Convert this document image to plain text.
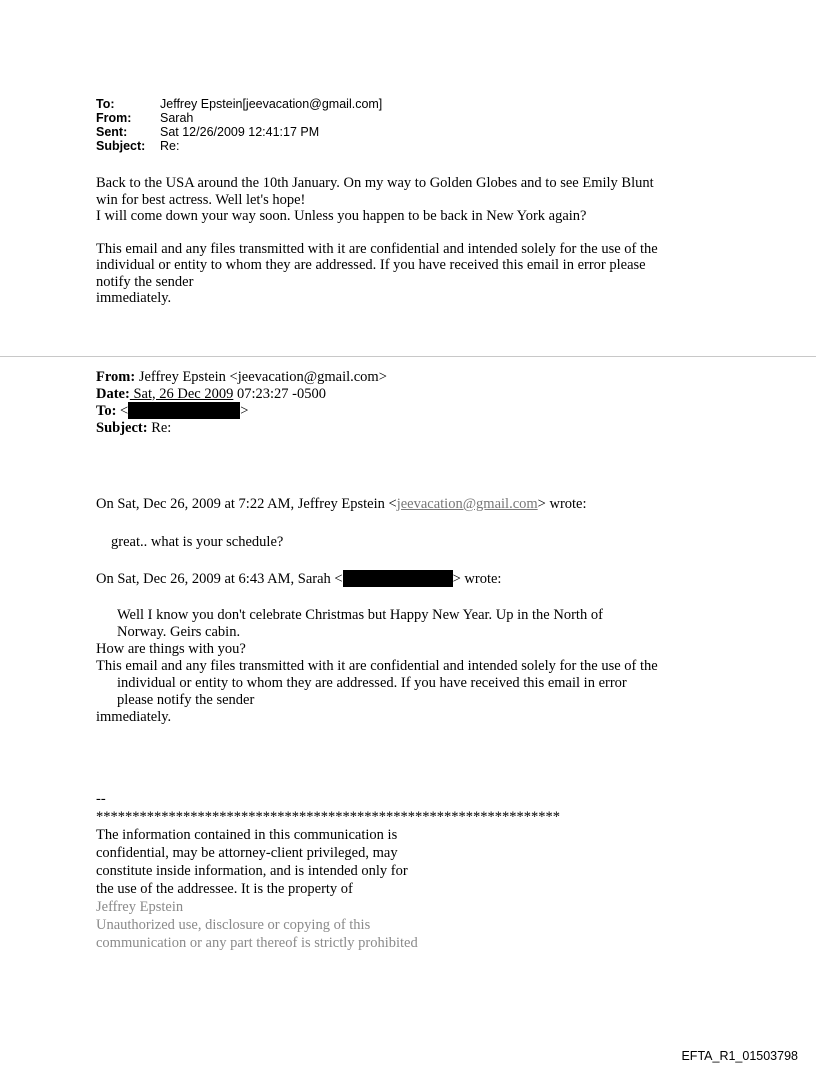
To:	Jeffrey Epstein[jeevacation@gmail.com]
From:	Sarah
Sent:	Sat 12/26/2009 12:41:17 PM
Subject:	Re:
Back to the USA around the 10th January. On my way to Golden Globes and to see Emily Blunt
win for best actress. Well let's hope!
I will come down your way soon. Unless you happen to be back in New York again?
This email and any files transmitted with it are confidential and intended solely for the use of the
individual or entity to whom they are addressed. If you have received this email in error please
notify the sender
immediately.
From: Jeffrey Epstein <jeevacation@gmail.com>
Date: Sat, 26 Dec 2009 07:23:27 -0500
To: <	>
Subject: Re:
On Sat, Dec 26, 2009 at 7:22 AM, Jeffrey Epstein <jeevacation@gmail.com> wrote:
great.. what is your schedule?
On Sat, Dec 26, 2009 at 6:43 AM, Sarah <	> wrote:
Well I know you don't celebrate Christmas but Happy New Year. Up in the North of
Norway. Geirs cabin.
How are things with you?
This email and any files transmitted with it are confidential and intended solely for the use of the
individual or entity to whom they are addressed. If you have received this email in error
please notify the sender
immediately.
--
****************************************************************
The information contained in this communication is
confidential, may be attorney-client privileged, may
constitute inside information, and is intended only for
the use of the addressee. It is the property of
Jeffrey Epstein
Unauthorized use, disclosure or copying of this
communication or any part thereof is strictly prohibited
EFTA_R1_01503798
